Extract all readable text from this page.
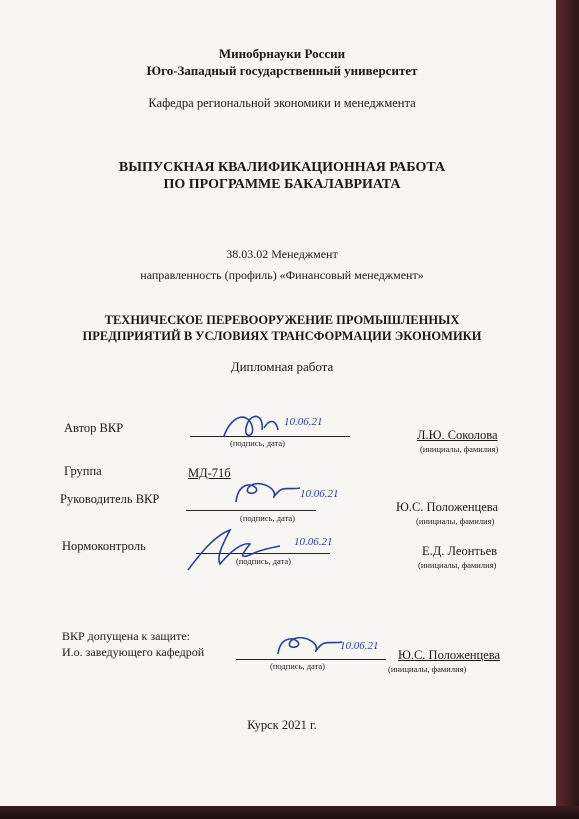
Минобрнауки России
Юго-Западный государственный университет
Кафедра региональной экономики и менеджмента
ВЫПУСКНАЯ КВАЛИФИКАЦИОННАЯ РАБОТА
ПО ПРОГРАММЕ БАКАЛАВРИАТА
38.03.02 Менеджмент
направленность (профиль) «Финансовый менеджмент»
ТЕХНИЧЕСКОЕ ПЕРЕВООРУЖЕНИЕ ПРОМЫШЛЕННЫХ
ПРЕДПРИЯТИЙ В УСЛОВИЯХ ТРАНСФОРМАЦИИ ЭКОНОМИКИ
Дипломная работа
Автор ВКР	10.06.21
(подпись, дата)
Л.Ю. Соколова
(инициалы, фамилия)
Группа	МД-71б
Руководитель ВКР	10.06.21
(подпись, дата)
Ю.С. Положенцева
(инициалы, фамилия)
Нормоконтроль	10.06.21
(подпись, дата)
Е.Д. Леонтьев
(инициалы, фамилия)
ВКР допущена к защите:
И.о. заведующего кафедрой	10.06.21
(подпись, дата)
Ю.С. Положенцева
(инициалы, фамилия)
Курск 2021 г.
